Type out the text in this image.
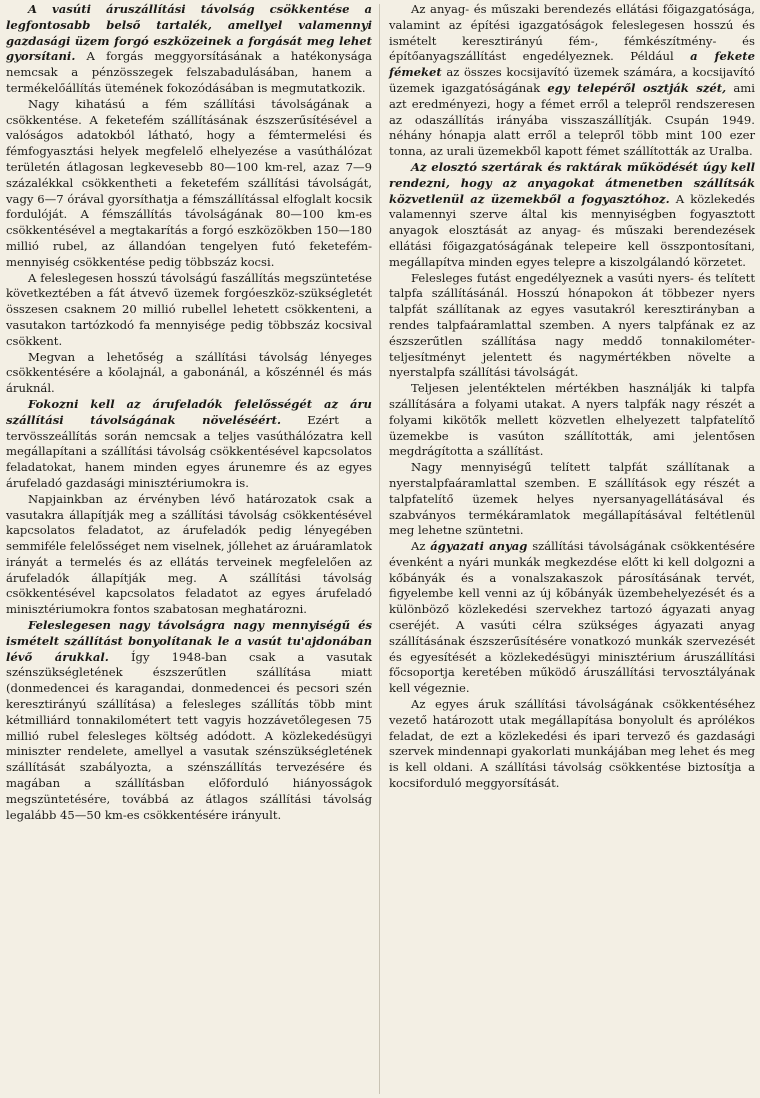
A vasúti áruszállítási távolság csökkentése a legfontosabb belső tartalék, amellyel valamennyi gazdasági üzem forgó eszközeinek a forgását meg lehet gyorsítani. A forgás meggyorsításának a hatékonysága nemcsak a pénzösszegek felszabadulásában, hanem a termékelőállítás ütemének fokozódásában is megmutatkozik.

Nagy kihatású a fém szállítási távolságának a csökkentése. A feketefém szállításának észszerűsítésével a valóságos adatokból látható, hogy a fémtermelési és fémfogyasztási helyek megfelelő elhelyezése a vasúthálózat területén átlagosan legkevesebb 80—100 km-rel, azaz 7—9 százalékkal csökkentheti a feketefém szállítási távolságát, vagy 6—7 órával gyorsíthatja a fémszállítással elfoglalt kocsik fordulóját. A fémszállítás távolságának 80—100 km-es csökkentésével a megtakarítás a forgó eszközökben 150—180 millió rubel, az állandóan tengelyen futó feketefém-mennyiség csökkentése pedig többszáz kocsi.

A feleslegesen hosszú távolságú faszállítás megszüntetése következtében a fát átvevő üzemek forgóeszköz-szükségletét összesen csaknem 20 millió rubellel lehetett csökkenteni, a vasutakon tartózkodó fa mennyisége pedig többszáz kocsival csökkent.

Megvan a lehetőség a szállítási távolság lényeges csökkentésére a kőolajnál, a gabonánál, a kőszénnél és más áruknál.

Fokozni kell az árufeladók felelősségét az áru szállítási távolságának növeléséért. Ezért a tervösszeállítás során nemcsak a teljes vasúthálózatra kell megállapítani a szállítási távolság csökkentésével kapcsolatos feladatokat, hanem minden egyes árunemre és az egyes árufeladó gazdasági minisztériumokra is.

Napjainkban az érvényben lévő határozatok csak a vasutakra állapítják meg a szállítási távolság csökkentésével kapcsolatos feladatot, az árufeladók pedig lényegében semmiféle felelősséget nem viselnek, jóllehet az áruáramlatok irányát a termelés és az ellátás terveinek megfelelően az árufeladók állapítják meg. A szállítási távolság csökkentésével kapcsolatos feladatot az egyes árufeladó minisztériumokra fontos szabatosan meghatározni.

Feleslegesen nagy távolságra nagy mennyiségű és ismételt szállítást bonyolítanak le a vasút tu'ajdonában lévő árukkal. Így 1948-ban csak a vasutak szénszükségletének észszerűtlen szállítása miatt (donmedencei és karagandai, donmedencei és pecsori szén keresztirányú szállítása) a felesleges szállítás több mint kétmilliárd tonnakilométert tett vagyis hozzávetőlegesen 75 millió rubel felesleges költség adódott. A közlekedésügyi miniszter rendelete, amellyel a vasutak szénszükségletének szállítását szabályozta, a szénszállítás tervezésére és magában a szállításban előforduló hiányosságok megszüntetésére, továbbá az átlagos szállítási távolság legalább 45—50 km-es csökkentésére irányult.

Az anyag- és műszaki berendezés ellátási főigazgatósága, valamint az építési igazgatóságok feleslegesen hosszú és ismételt keresztirányú fém-, fémkészítmény- és építőanyagszállítást engedélyeznek. Például a fekete fémeket az összes kocsijavító üzemek számára, a kocsijavító üzemek igazgatóságának egy telepéről osztják szét, ami azt eredményezi, hogy a fémet erről a telepről rendszeresen az odaszállítás irányába visszaszállítják. Csupán 1949. néhány hónapja alatt erről a telepről több mint 100 ezer tonna, az urali üzemekből kapott fémet szállították az Uralba.

Az elosztó szertárak és raktárak működését úgy kell rendezni, hogy az anyagokat átmenetben szállítsák közvetlenül az üzemekből a fogyasztóhoz. A közlekedés valamennyi szerve által kis mennyiségben fogyasztott anyagok elosztását az anyag- és műszaki berendezések ellátási főigazgatóságának telepeire kell összpontosítani, megállapítva minden egyes telepre a kiszolgálandó körzetet.

Felesleges futást engedélyeznek a vasúti nyers- és telített talpfa szállításánál. Hosszú hónapokon át többezer nyers talpfát szállítanak az egyes vasutakról keresztirányban a rendes talpfaáramlattal szemben. A nyers talpfának ez az észszerűtlen szállítása nagy meddő tonnakilométer-teljesítményt jelentett és nagymértékben növelte a nyerstalpfa szállítási távolságát.

Teljesen jelentéktelen mértékben használják ki talpfa szállítására a folyami utakat. A nyers talpfák nagy részét a folyami kikötők mellett közvetlen elhelyezett talpfatelítő üzemekbe is vasúton szállították, ami jelentősen megdrágította a szállítást.

Nagy mennyiségű telített talpfát szállítanak a nyerstalpfaáramlattal szemben. E szállítások egy részét a talpfatelítő üzemek helyes nyersanyagellátásával és szabványos termékáramlatok megállapításával feltétlenül meg lehetne szüntetni.

Az ágyazati anyag szállítási távolságának csökkentésére évenként a nyári munkák megkezdése előtt ki kell dolgozni a kőbányák és a vonalszakaszok párosításának tervét, figyelembe kell venni az új kőbányák üzembehelyezését és a különböző közlekedési szervekhez tartozó ágyazati anyag cseréjét. A vasúti célra szükséges ágyazati anyag szállításának észszerűsítésére vonatkozó munkák szervezését és egyesítését a közlekedésügyi minisztérium áruszállítási főcsoportja keretében működő áruszállítási tervosztályának kell végeznie.

Az egyes áruk szállítási távolságának csökkentéséhez vezető határozott utak megállapítása bonyolult és aprólékos feladat, de ezt a közlekedési és ipari tervező és gazdasági szervek mindennapi gyakorlati munkájában meg lehet és meg is kell oldani. A szállítási távolság csökkentése biztosítja a kocsiforduló meggyorsítását.
